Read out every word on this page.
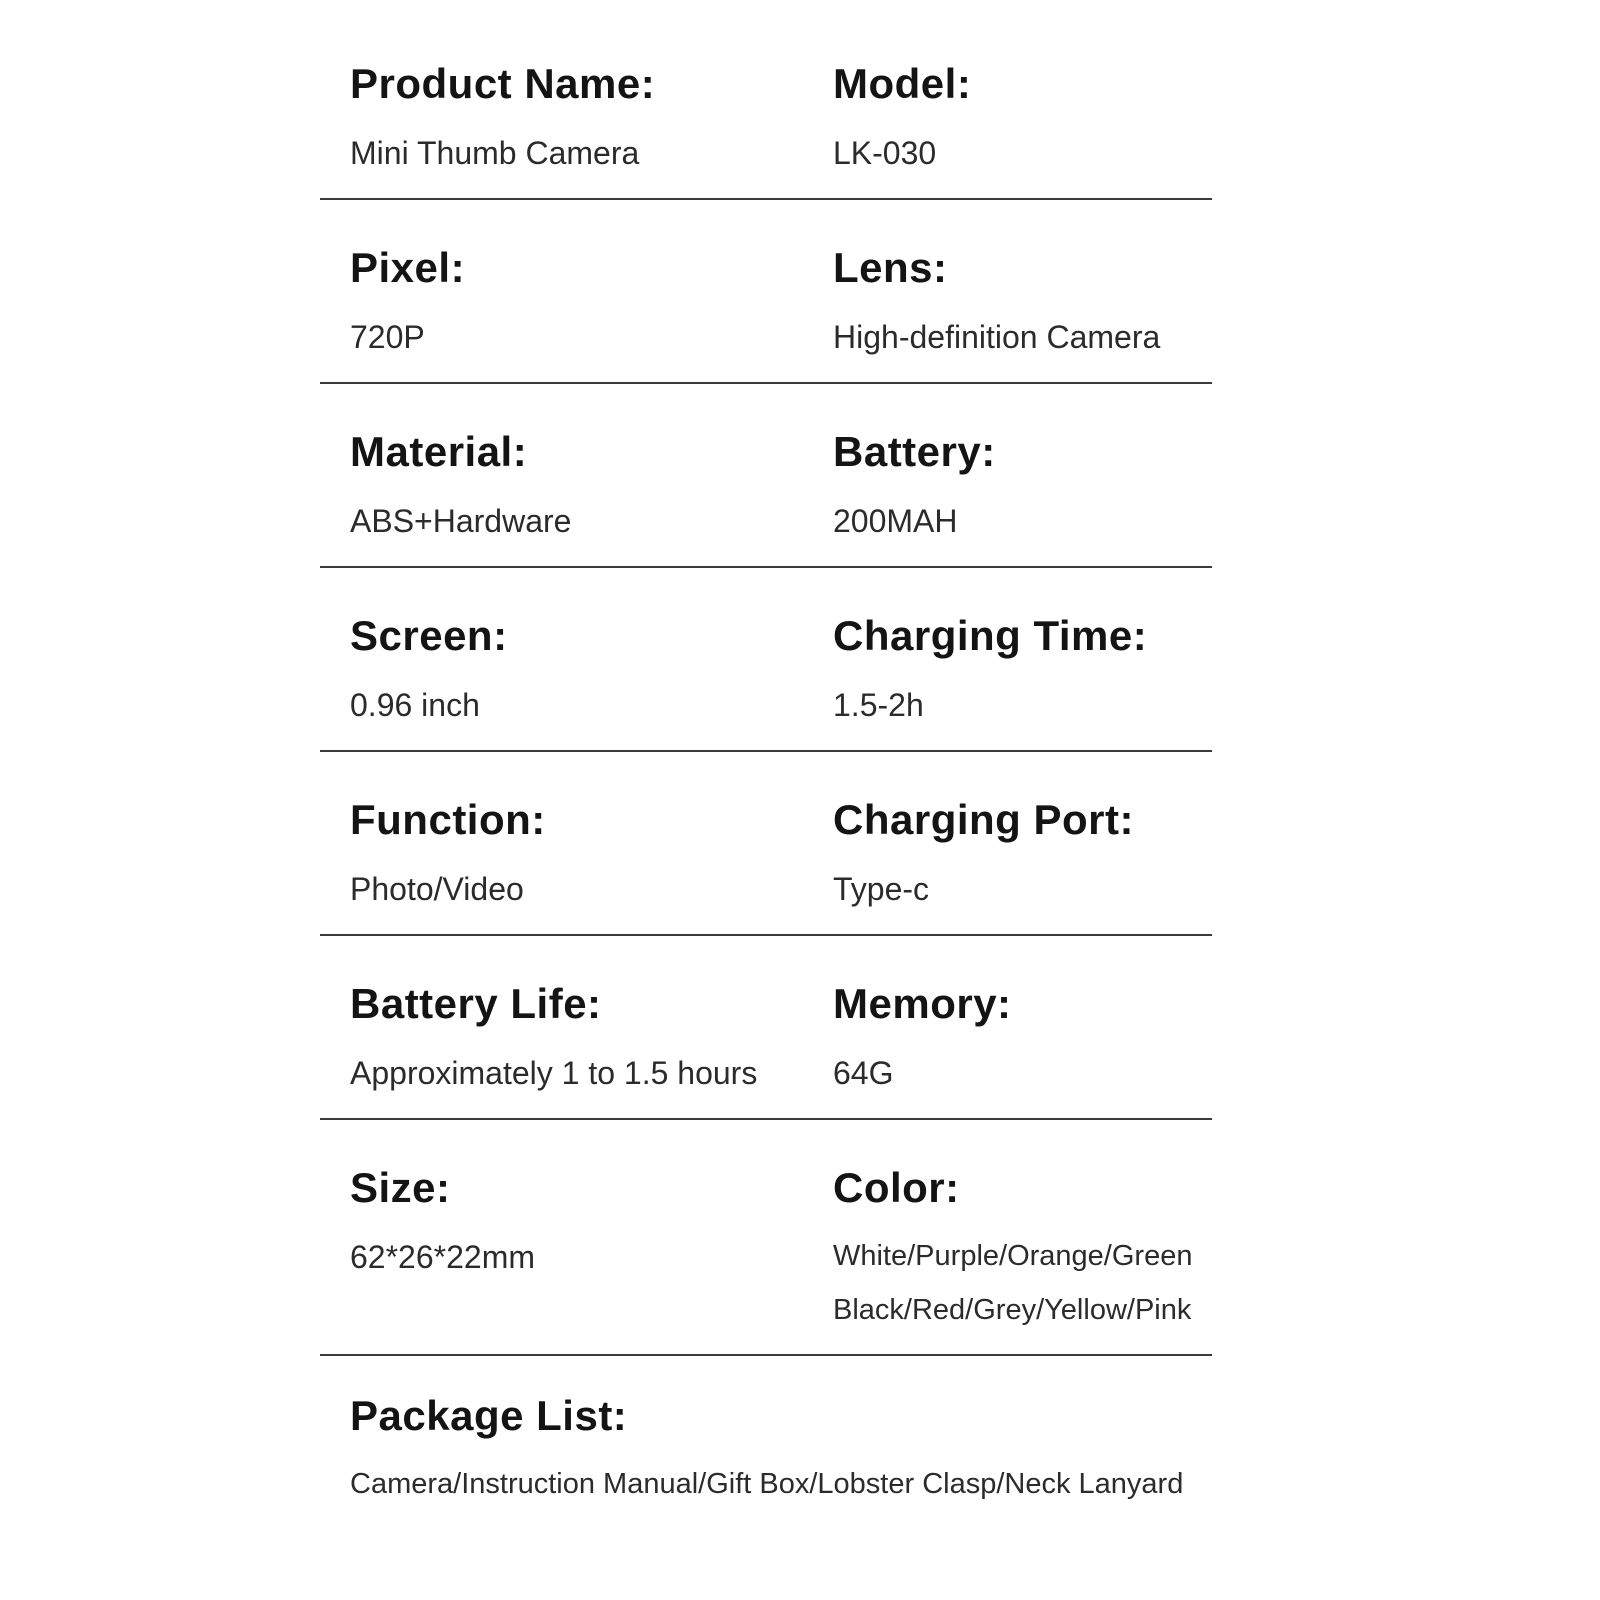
Product Name:
Mini Thumb Camera
Model:
LK-030
Pixel:
720P
Lens:
High-definition Camera
Material:
ABS+Hardware
Battery:
200MAH
Screen:
0.96 inch
Charging Time:
1.5-2h
Function:
Photo/Video
Charging Port:
Type-c
Battery Life:
Approximately 1 to 1.5 hours
Memory:
64G
Size:
62*26*22mm
Color:
White/Purple/Orange/Green
Black/Red/Grey/Yellow/Pink
Package List:
Camera/Instruction Manual/Gift Box/Lobster Clasp/Neck Lanyard
